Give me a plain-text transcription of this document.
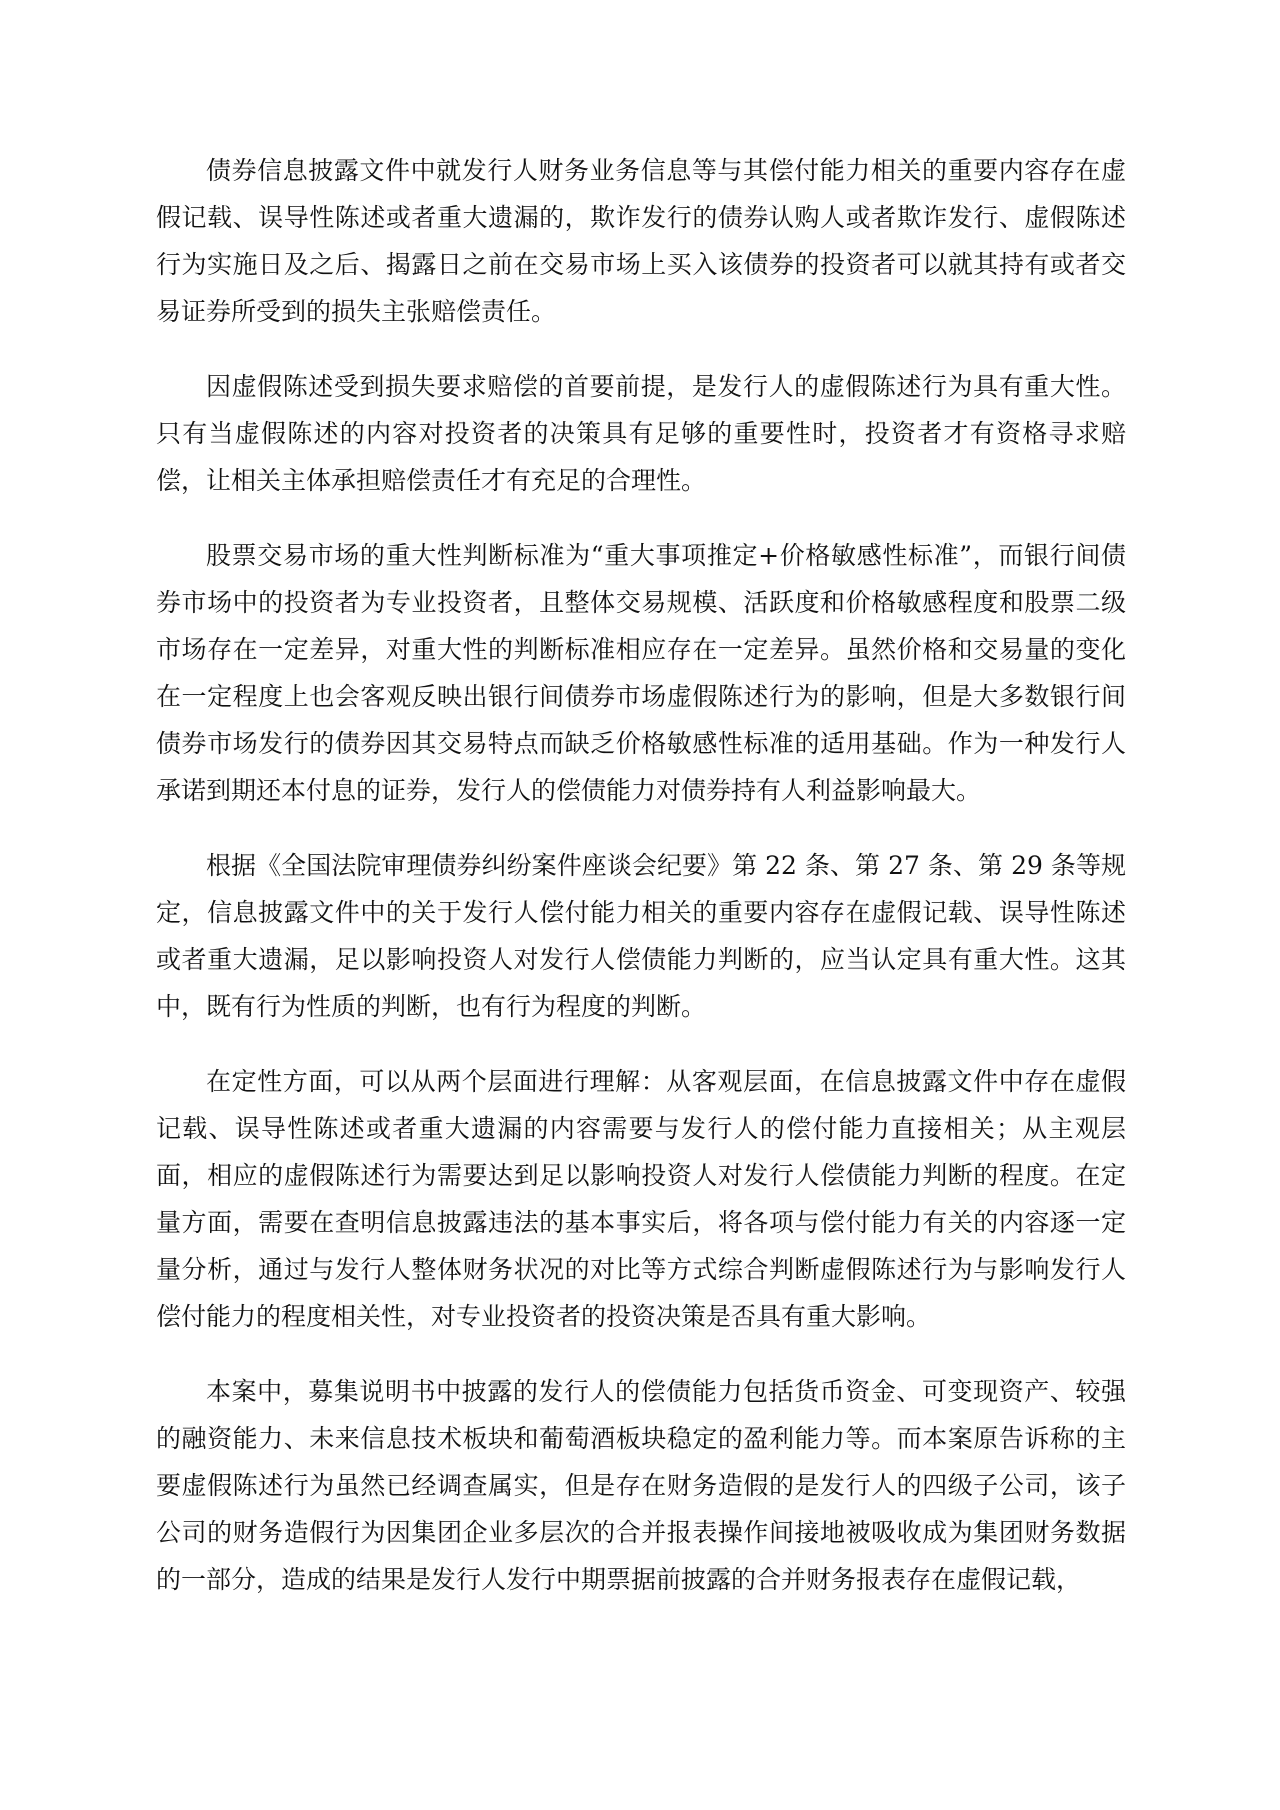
债券信息披露文件中就发行人财务业务信息等与其偿付能力相关的重要内容存在虚假记载、误导性陈述或者重大遗漏的，欺诈发行的债券认购人或者欺诈发行、虚假陈述行为实施日及之后、揭露日之前在交易市场上买入该债券的投资者可以就其持有或者交易证券所受到的损失主张赔偿责任。

因虚假陈述受到损失要求赔偿的首要前提，是发行人的虚假陈述行为具有重大性。只有当虚假陈述的内容对投资者的决策具有足够的重要性时，投资者才有资格寻求赔偿，让相关主体承担赔偿责任才有充足的合理性。

股票交易市场的重大性判断标准为“重大事项推定+价格敏感性标准”，而银行间债券市场中的投资者为专业投资者，且整体交易规模、活跃度和价格敏感程度和股票二级市场存在一定差异，对重大性的判断标准相应存在一定差异。虽然价格和交易量的变化在一定程度上也会客观反映出银行间债券市场虚假陈述行为的影响，但是大多数银行间债券市场发行的债券因其交易特点而缺乏价格敏感性标准的适用基础。作为一种发行人承诺到期还本付息的证券，发行人的偿债能力对债券持有人利益影响最大。

根据《全国法院审理债券纠纷案件座谈会纪要》第 22 条、第 27 条、第 29 条等规定，信息披露文件中的关于发行人偿付能力相关的重要内容存在虚假记载、误导性陈述或者重大遗漏，足以影响投资人对发行人偿债能力判断的，应当认定具有重大性。这其中，既有行为性质的判断，也有行为程度的判断。

在定性方面，可以从两个层面进行理解：从客观层面，在信息披露文件中存在虚假记载、误导性陈述或者重大遗漏的内容需要与发行人的偿付能力直接相关；从主观层面，相应的虚假陈述行为需要达到足以影响投资人对发行人偿债能力判断的程度。在定量方面，需要在查明信息披露违法的基本事实后，将各项与偿付能力有关的内容逐一定量分析，通过与发行人整体财务状况的对比等方式综合判断虚假陈述行为与影响发行人偿付能力的程度相关性，对专业投资者的投资决策是否具有重大影响。

本案中，募集说明书中披露的发行人的偿债能力包括货币资金、可变现资产、较强的融资能力、未来信息技术板块和葡萄酒板块稳定的盈利能力等。而本案原告诉称的主要虚假陈述行为虽然已经调查属实，但是存在财务造假的是发行人的四级子公司，该子公司的财务造假行为因集团企业多层次的合并报表操作间接地被吸收成为集团财务数据的一部分，造成的结果是发行人发行中期票据前披露的合并财务报表存在虚假记载，
